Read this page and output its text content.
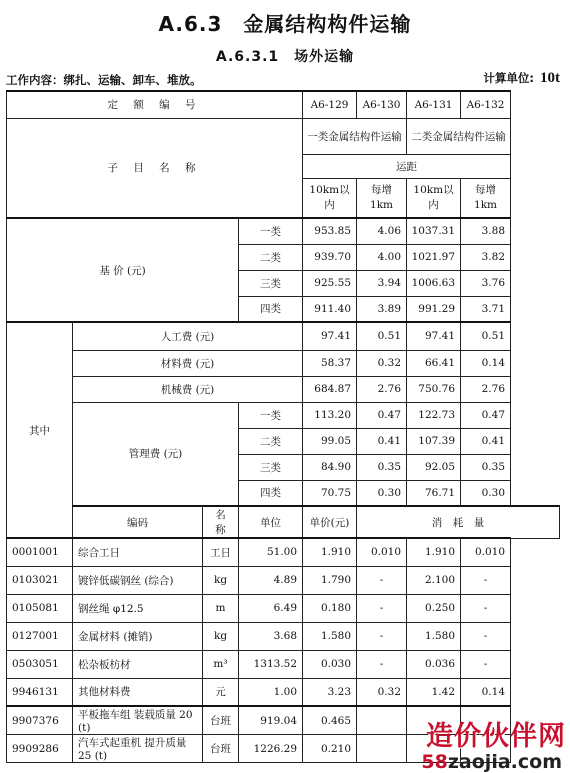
A.6.3　金属结构构件运输
A.6.3.1　场外运输
工作内容：绑扎、运输、卸车、堆放。	计算单位: 10t
定 额 编 号				A6-129	A6-130	A6-131	A6-132
子 目 名 称				一类金属结构件运输		二类金属结构件运输	
				运距			
				10km以内	每增1km	10km以内	每增1km
基 价 (元)			一类	953.85	4.06	1037.31	3.88
			二类	939.70	4.00	1021.97	3.82
			三类	925.55	3.94	1006.63	3.76
			四类	911.40	3.89	991.29	3.71
其中	人工费 (元)			97.41	0.51	97.41	0.51
	材料费 (元)			58.37	0.32	66.41	0.14
	机械费 (元)			684.87	2.76	750.76	2.76
	管理费 (元)		一类	113.20	0.47	122.73	0.47
			二类	99.05	0.41	107.39	0.41
			三类	84.90	0.35	92.05	0.35
			四类	70.75	0.30	76.71	0.30
	编码	名　　称	单位	单价(元)	消　耗　量		
0001001	综合工日	工日	51.00	1.910	0.010	1.910	0.010
0103021	镀锌低碳钢丝 (综合)	kg	4.89	1.790	-	2.100	-
0105081	钢丝绳 φ12.5	m	6.49	0.180	-	0.250	-
0127001	金属材料 (摊销)	kg	3.68	1.580	-	1.580	-
0503051	松杂板枋材	m³	1313.52	0.030	-	0.036	-
9946131	其他材料费	元	1.00	3.23	0.32	1.42	0.14
9907376	平板拖车组 装载质量 20 (t)	台班	919.04	0.465			
9909286	汽车式起重机 提升质量 25 (t)	台班	1226.29	0.210				造价伙伴网
58zaojia.com
